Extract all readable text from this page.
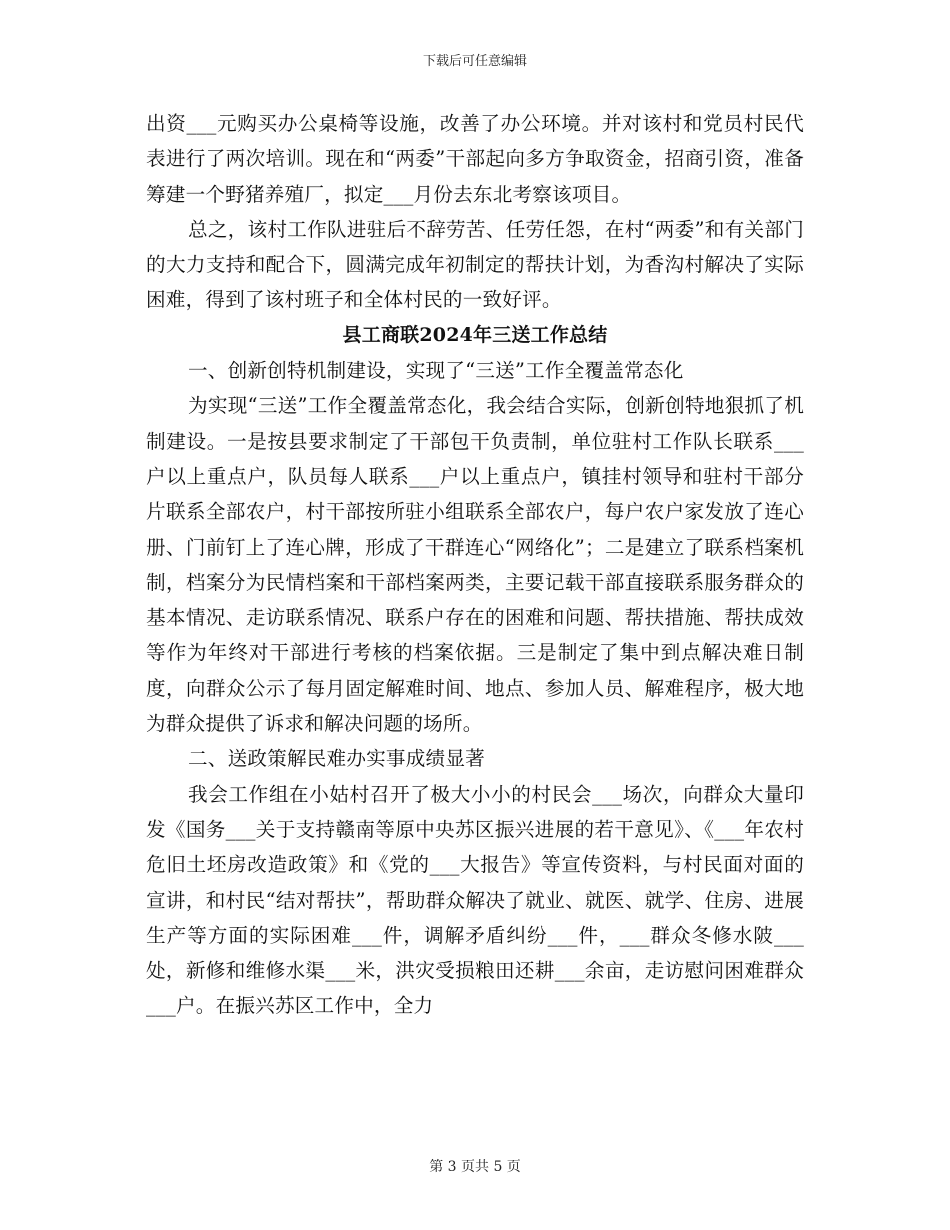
下载后可任意编辑

出资___元购买办公桌椅等设施，改善了办公环境。并对该村和党员村民代表进行了两次培训。现在和“两委”干部起向多方争取资金，招商引资，准备筹建一个野猪养殖厂，拟定___月份去东北考察该项目。

总之，该村工作队进驻后不辞劳苦、任劳任怨，在村“两委”和有关部门的大力支持和配合下，圆满完成年初制定的帮扶计划，为香沟村解决了实际困难，得到了该村班子和全体村民的一致好评。

县工商联2024年三送工作总结

一、创新创特机制建设，实现了“三送”工作全覆盖常态化

为实现“三送”工作全覆盖常态化，我会结合实际，创新创特地狠抓了机制建设。一是按县要求制定了干部包干负责制，单位驻村工作队长联系___户以上重点户，队员每人联系___户以上重点户，镇挂村领导和驻村干部分片联系全部农户，村干部按所驻小组联系全部农户，每户农户家发放了连心册、门前钉上了连心牌，形成了干群连心“网络化”；二是建立了联系档案机制，档案分为民情档案和干部档案两类，主要记载干部直接联系服务群众的基本情况、走访联系情况、联系户存在的困难和问题、帮扶措施、帮扶成效等作为年终对干部进行考核的档案依据。三是制定了集中到点解决难日制度，向群众公示了每月固定解难时间、地点、参加人员、解难程序，极大地为群众提供了诉求和解决问题的场所。

二、送政策解民难办实事成绩显著

我会工作组在小姑村召开了极大小小的村民会___场次，向群众大量印发《国务___关于支持赣南等原中央苏区振兴进展的若干意见》、《___年农村危旧土坯房改造政策》和《党的___大报告》等宣传资料，与村民面对面的宣讲，和村民“结对帮扶”，帮助群众解决了就业、就医、就学、住房、进展生产等方面的实际困难___件，调解矛盾纠纷___件，___群众冬修水陂___处，新修和维修水渠___米，洪灾受损粮田还耕___余亩，走访慰问困难群众___户。在振兴苏区工作中，全力

第 3 页共 5 页
